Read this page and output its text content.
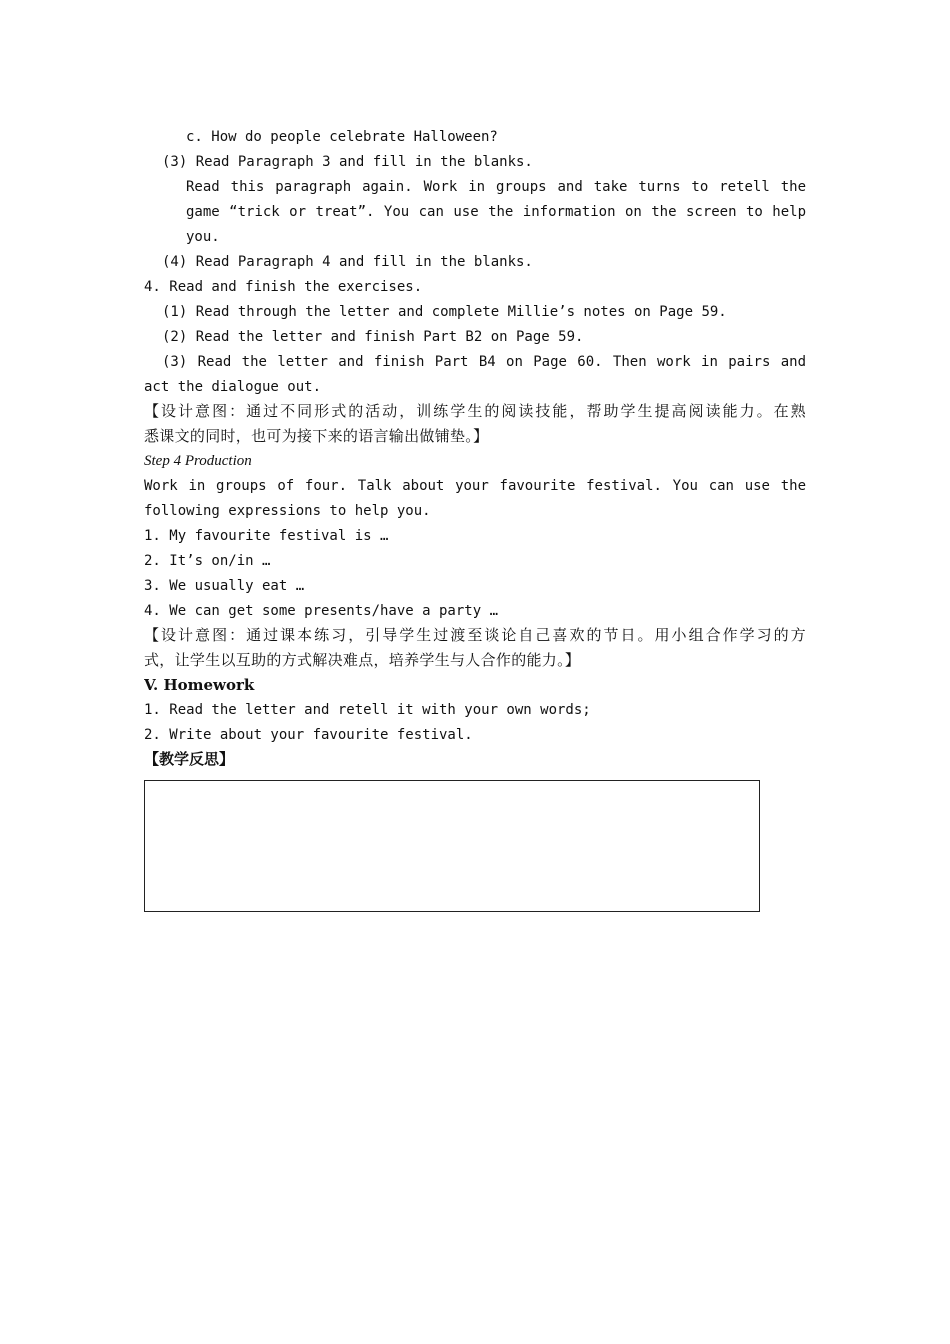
c. How do people celebrate Halloween?
(3) Read Paragraph 3 and fill in the blanks.
Read this paragraph again. Work in groups and take turns to retell the
game “trick or treat”. You can use the information on the screen to help
you.
(4) Read Paragraph 4 and fill in the blanks.
4. Read and finish the exercises.
(1) Read through the letter and complete Millie’s notes on Page 59.
(2) Read the letter and finish Part B2 on Page 59.
(3) Read the letter and finish Part B4 on Page 60. Then work in pairs and
act the dialogue out.
【设计意图：通过不同形式的活动，训练学生的阅读技能，帮助学生提高阅读能力。在熟
悉课文的同时，也可为接下来的语言输出做铺垫。】
Step 4 Production
Work in groups of four. Talk about your favourite festival. You can use the
following expressions to help you.
1. My favourite festival is …
2. It’s on/in …
3. We usually eat …
4. We can get some presents/have a party …
【设计意图：通过课本练习，引导学生过渡至谈论自己喜欢的节日。用小组合作学习的方
式，让学生以互助的方式解决难点，培养学生与人合作的能力。】
V. Homework
1. Read the letter and retell it with your own words;
2. Write about your favourite festival.
【教学反思】
